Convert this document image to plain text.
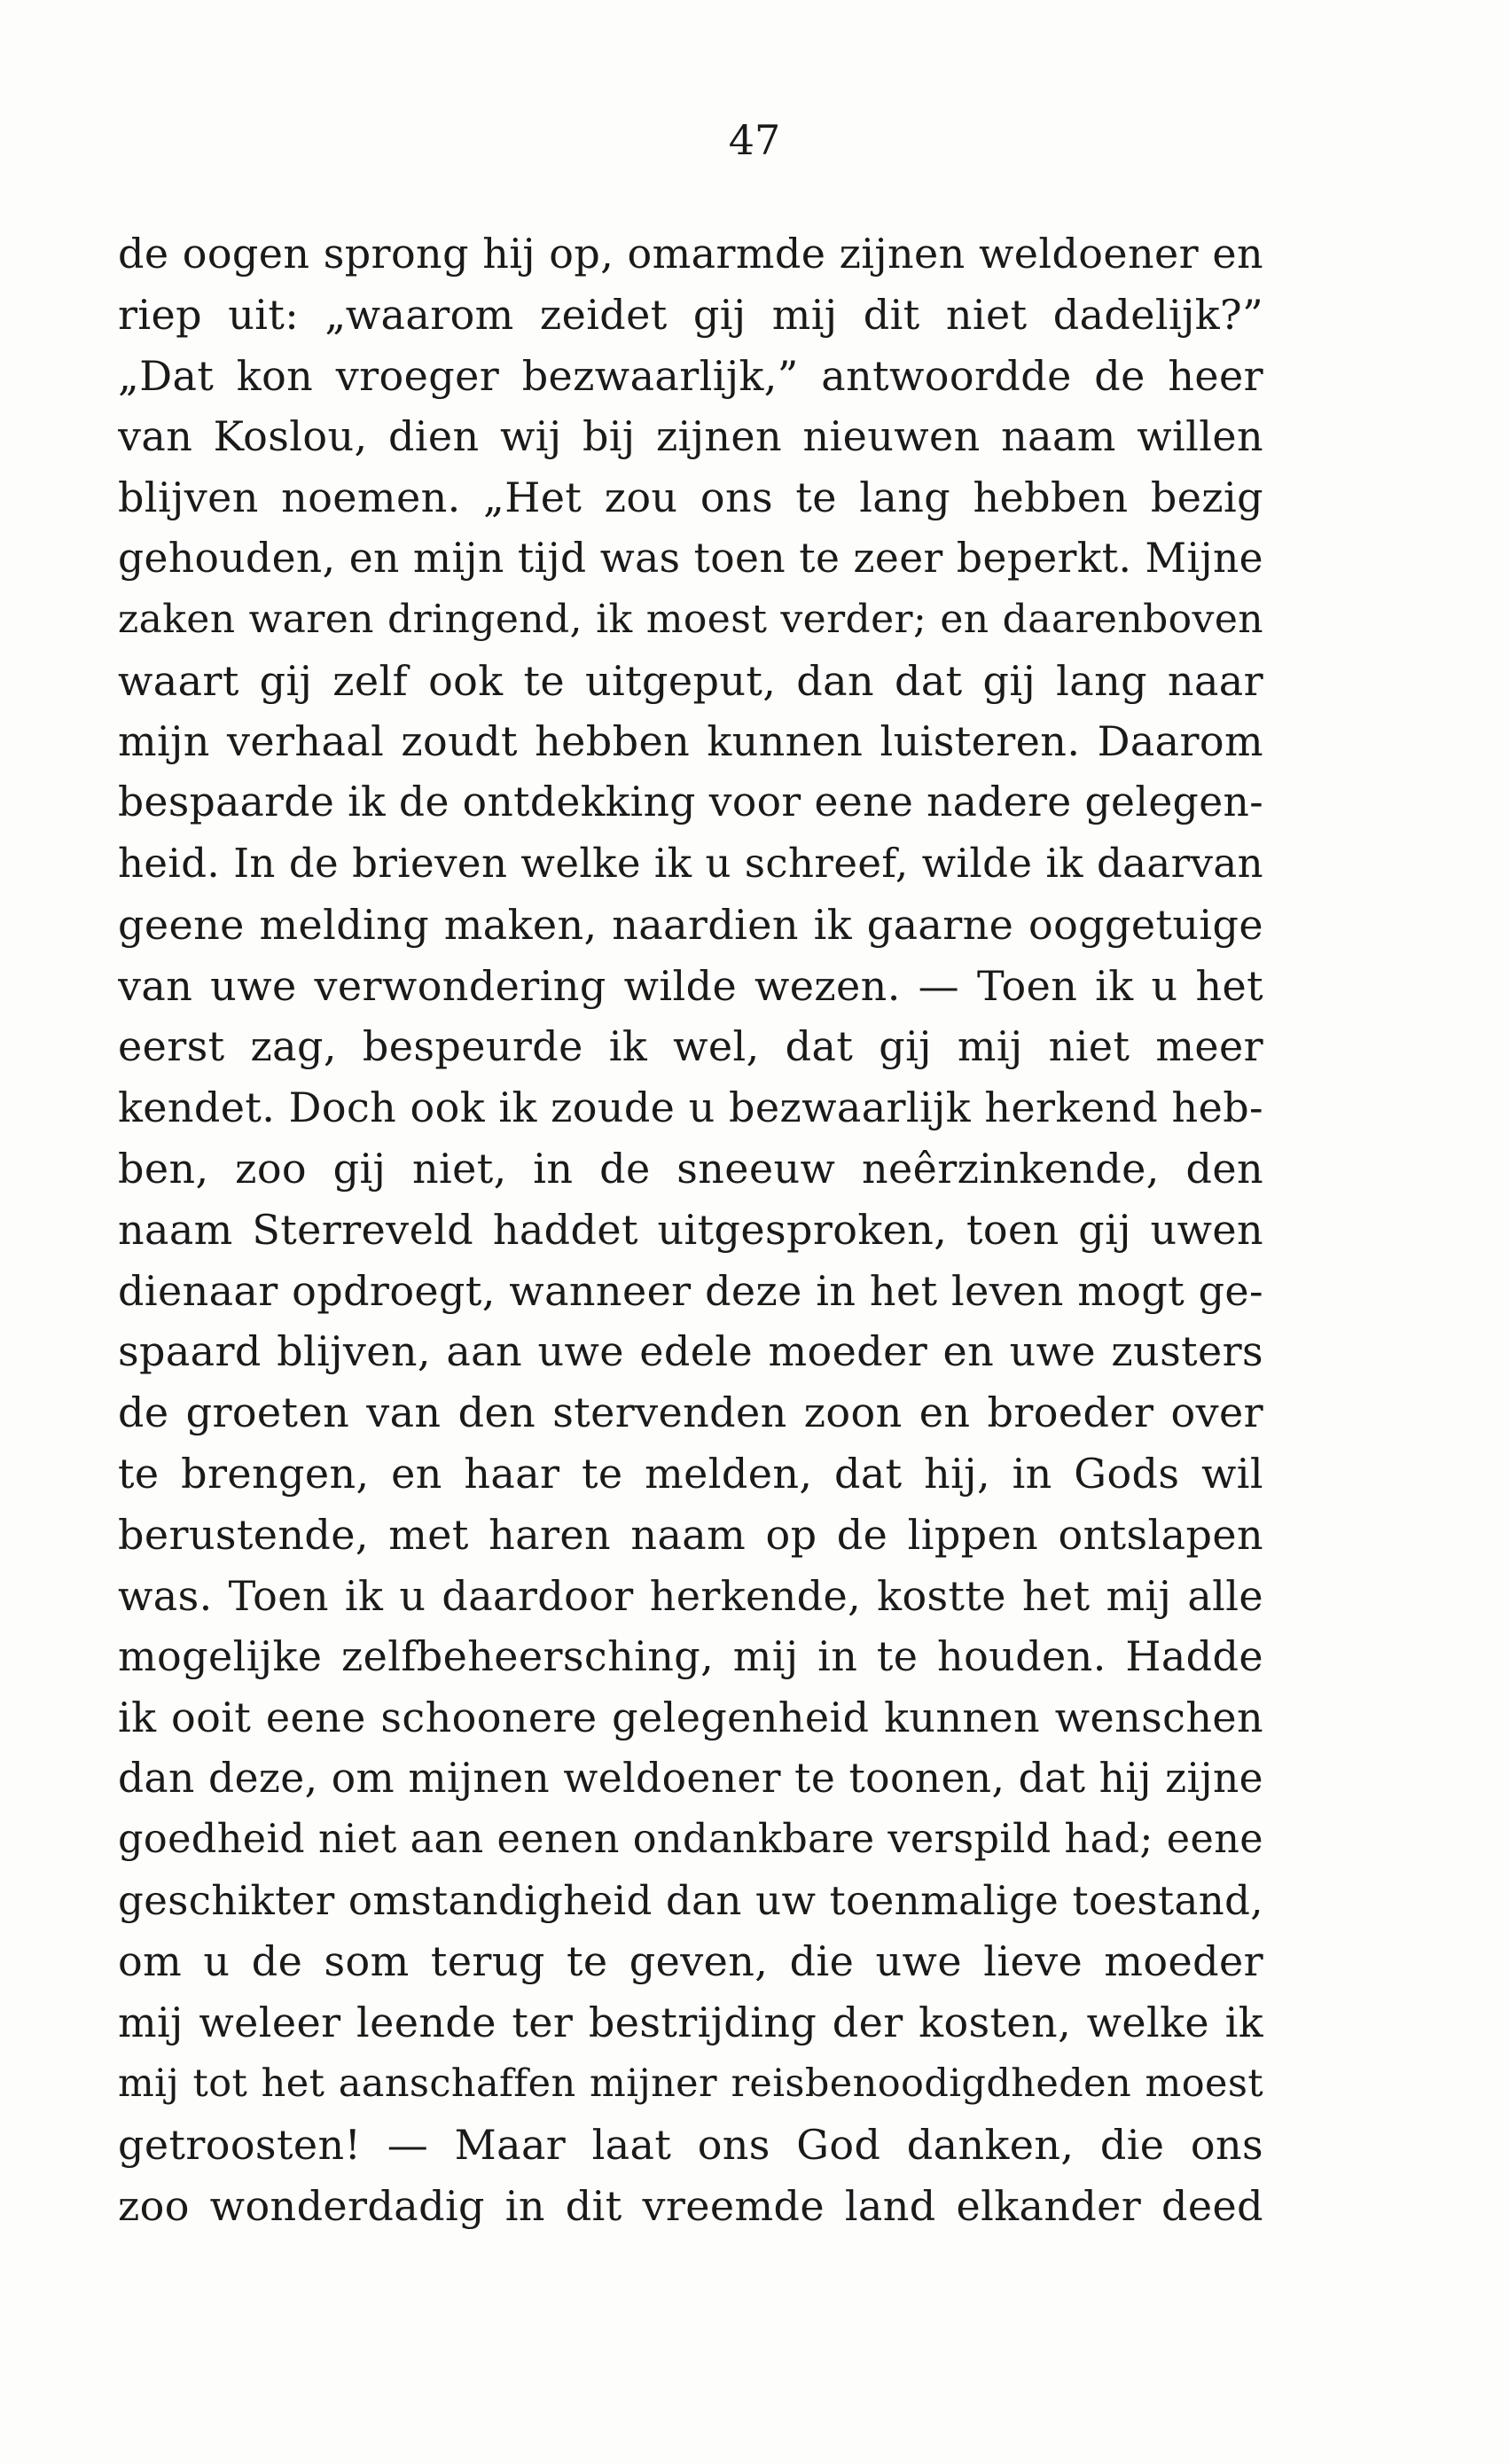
47
de oogen sprong hij op, omarmde zijnen weldoener en
riep uit: „waarom zeidet gij mij dit niet dadelijk?”
„Dat kon vroeger bezwaarlijk,” antwoordde de heer
van Koslou, dien wij bij zijnen nieuwen naam willen
blijven noemen. „Het zou ons te lang hebben bezig
gehouden, en mijn tijd was toen te zeer beperkt. Mijne
zaken waren dringend, ik moest verder; en daarenboven
waart gij zelf ook te uitgeput, dan dat gij lang naar
mijn verhaal zoudt hebben kunnen luisteren. Daarom
bespaarde ik de ontdekking voor eene nadere gelegen-
heid. In de brieven welke ik u schreef, wilde ik daarvan
geene melding maken, naardien ik gaarne ooggetuige
van uwe verwondering wilde wezen. — Toen ik u het
eerst zag, bespeurde ik wel, dat gij mij niet meer
kendet. Doch ook ik zoude u bezwaarlijk herkend heb-
ben, zoo gij niet, in de sneeuw neêrzinkende, den
naam Sterreveld haddet uitgesproken, toen gij uwen
dienaar opdroegt, wanneer deze in het leven mogt ge-
spaard blijven, aan uwe edele moeder en uwe zusters
de groeten van den stervenden zoon en broeder over
te brengen, en haar te melden, dat hij, in Gods wil
berustende, met haren naam op de lippen ontslapen
was. Toen ik u daardoor herkende, kostte het mij alle
mogelijke zelfbeheersching, mij in te houden. Hadde
ik ooit eene schoonere gelegenheid kunnen wenschen
dan deze, om mijnen weldoener te toonen, dat hij zijne
goedheid niet aan eenen ondankbare verspild had; eene
geschikter omstandigheid dan uw toenmalige toestand,
om u de som terug te geven, die uwe lieve moeder
mij weleer leende ter bestrijding der kosten, welke ik
mij tot het aanschaffen mijner reisbenoodigdheden moest
getroosten! — Maar laat ons God danken, die ons
zoo wonderdadig in dit vreemde land elkander deed
